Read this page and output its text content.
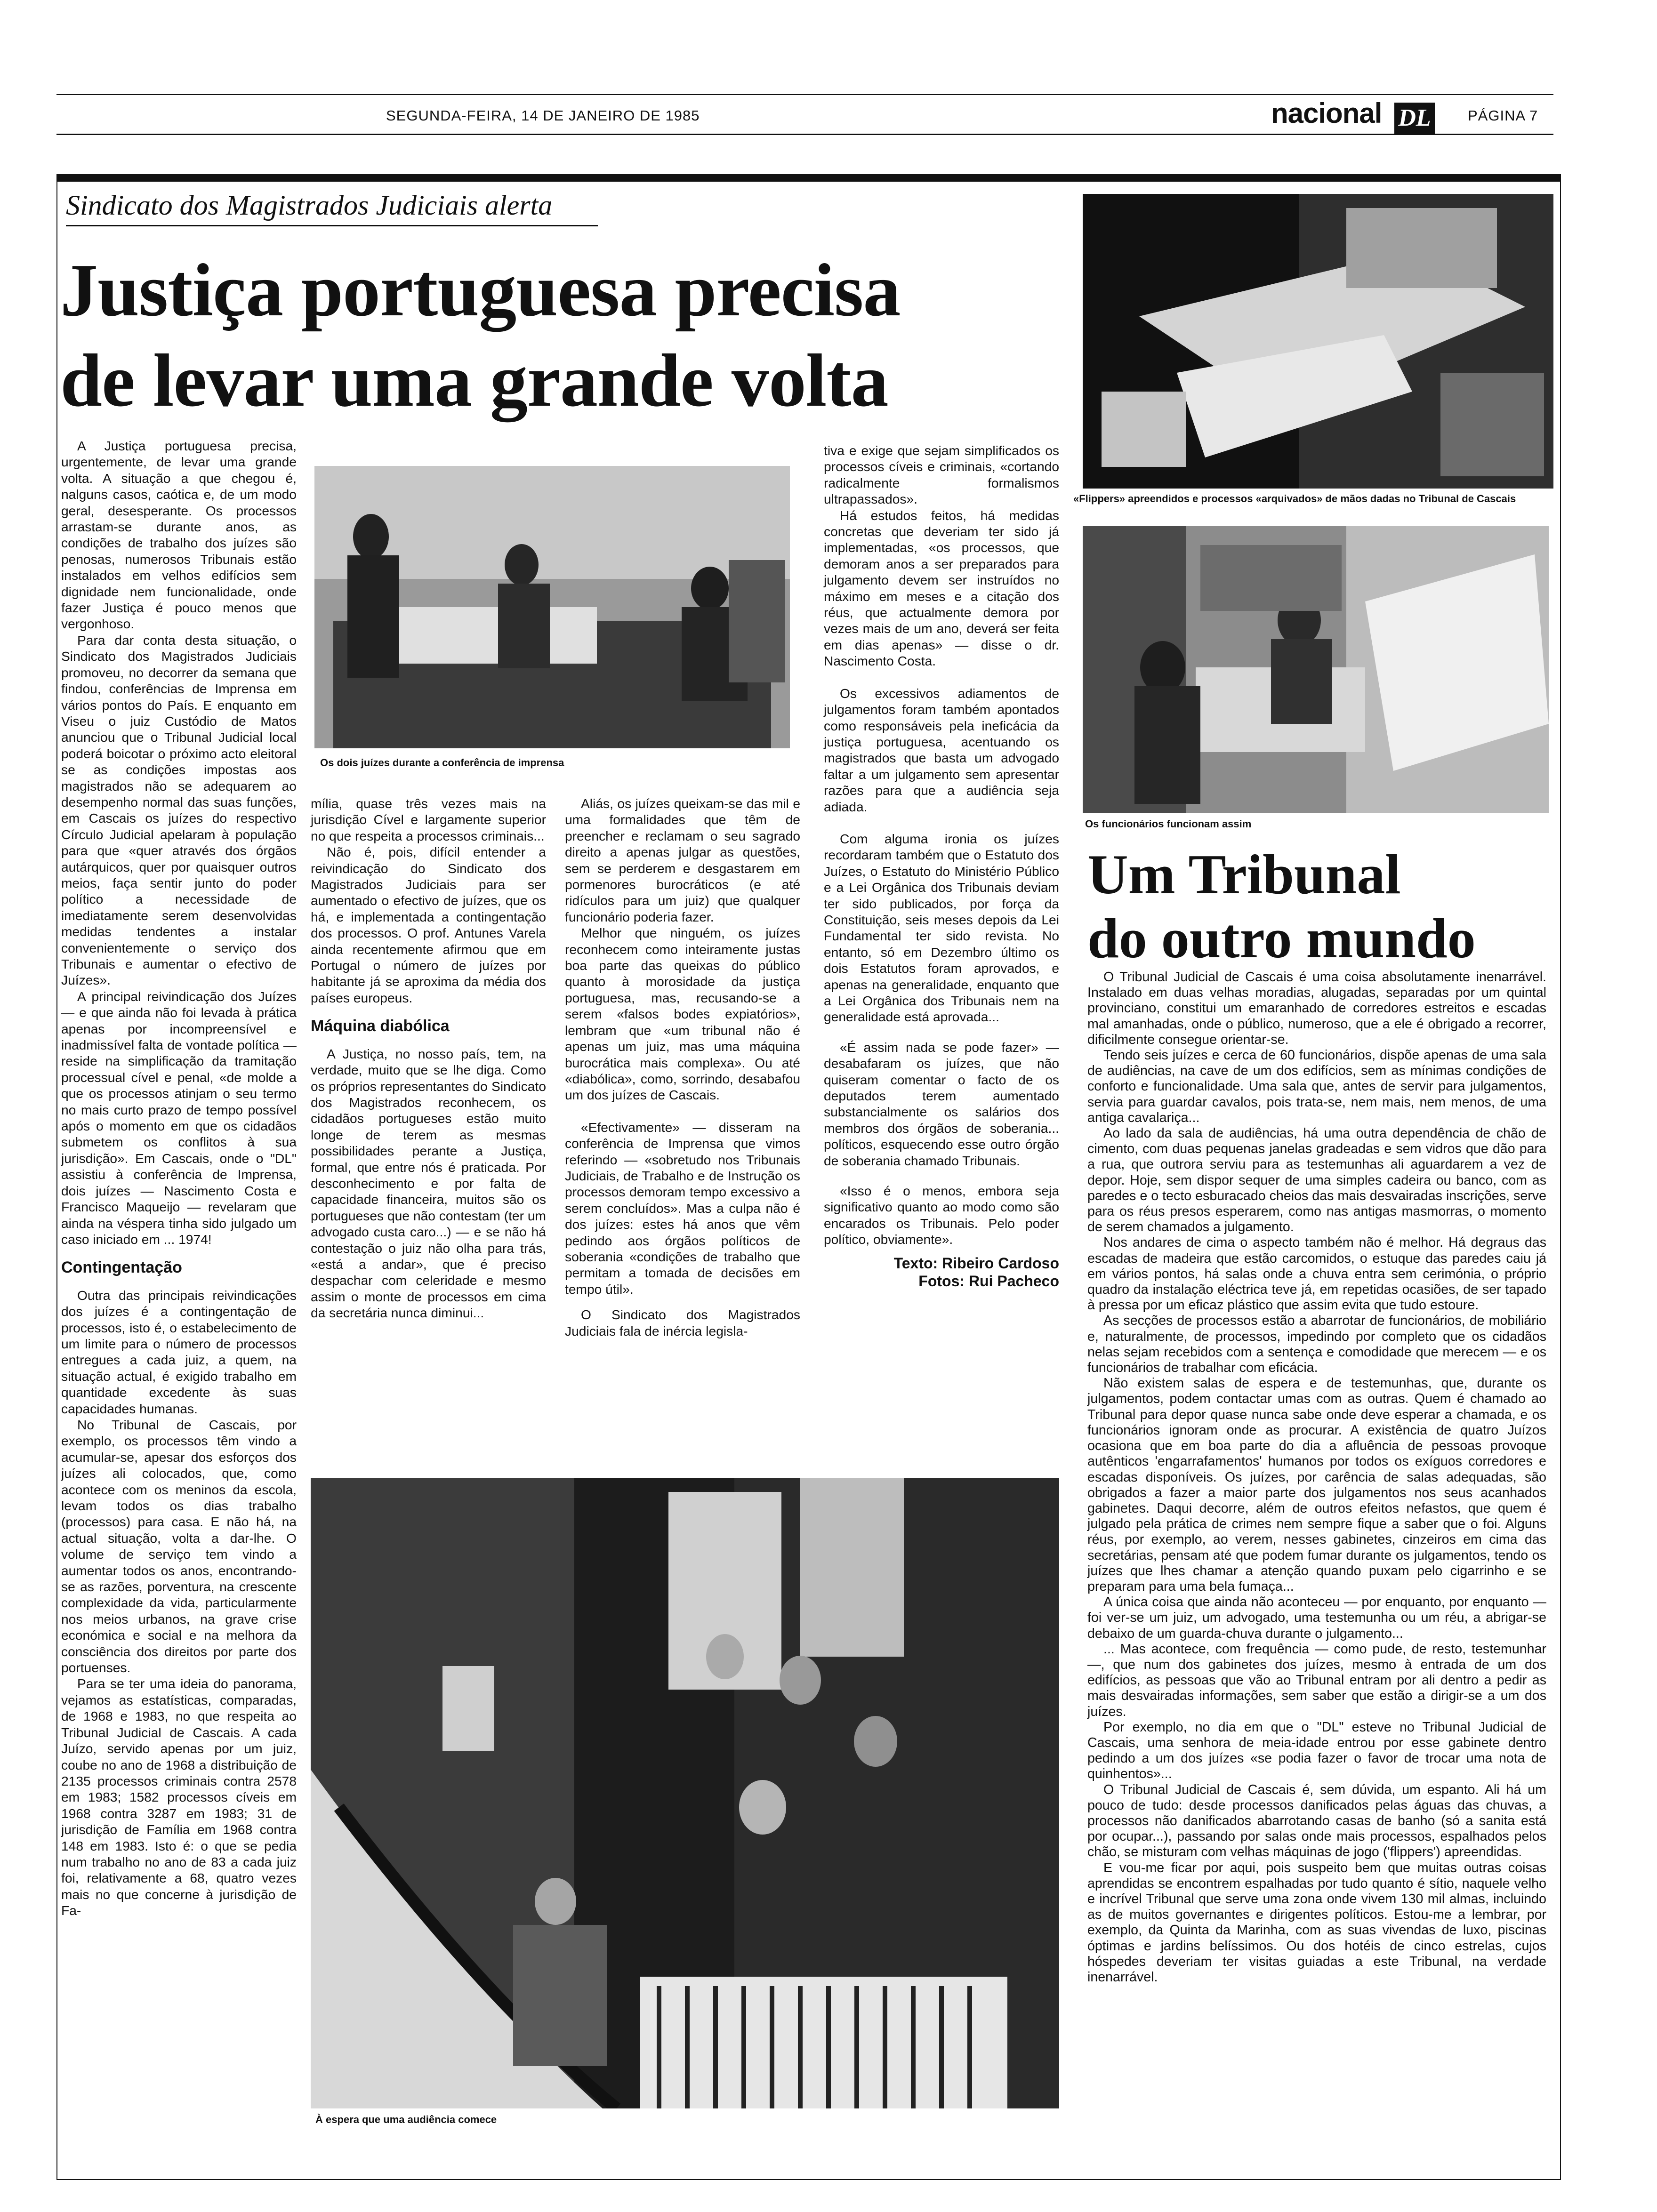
SEGUNDA-FEIRA, 14 DE JANEIRO DE 1985	nacional DL	PÁGINA 7
Sindicato dos Magistrados Judiciais alerta
Justiça portuguesa precisa
de levar uma grande volta

A Justiça portuguesa precisa, urgentemente, de levar uma grande volta. A situação a que chegou é, nalguns casos, caótica e, de um modo geral, desesperante. Os processos arrastam-se durante anos, as condições de trabalho dos juízes são penosas, numerosos Tribunais estão instalados em velhos edifícios sem dignidade nem funcionalidade, onde fazer Justiça é pouco menos que vergonhoso.

Para dar conta desta situação, o Sindicato dos Magistrados Judiciais promoveu, no decorrer da semana que findou, conferências de Imprensa em vários pontos do País. E enquanto em Viseu o juiz Custódio de Matos anunciou que o Tribunal Judicial local poderá boicotar o próximo acto eleitoral se as condições impostas aos magistrados não se adequarem ao desempenho normal das suas funções, em Cascais os juízes do respectivo Círculo Judicial apelaram à população para que «quer através dos órgãos autárquicos, quer por quaisquer outros meios, faça sentir junto do poder político a necessidade de imediatamente serem desenvolvidas medidas tendentes a instalar convenientemente o serviço dos Tribunais e aumentar o efectivo de Juízes».

A principal reivindicação dos Juízes — e que ainda não foi levada à prática apenas por incompreensível e inadmissível falta de vontade política — reside na simplificação da tramitação processual cível e penal, «de molde a que os processos atinjam o seu termo no mais curto prazo de tempo possível após o momento em que os cidadãos submetem os conflitos à sua jurisdição». Em Cascais, onde o "DL" assistiu à conferência de Imprensa, dois juízes — Nascimento Costa e Francisco Maqueijo — revelaram que ainda na véspera tinha sido julgado um caso iniciado em ... 1974!

Contingentação

Outra das principais reivindicações dos juízes é a contingentação de processos, isto é, o estabelecimento de um limite para o número de processos entregues a cada juiz, a quem, na situação actual, é exigido trabalho em quantidade excedente às suas capacidades humanas.

No Tribunal de Cascais, por exemplo, os processos têm vindo a acumular-se, apesar dos esforços dos juízes ali colocados, que, como acontece com os meninos da escola, levam todos os dias trabalho (processos) para casa. E não há, na actual situação, volta a dar-lhe. O volume de serviço tem vindo a aumentar todos os anos, encontrando-se as razões, porventura, na crescente complexidade da vida, particularmente nos meios urbanos, na grave crise económica e social e na melhora da consciência dos direitos por parte dos portuenses.

Para se ter uma ideia do panorama, vejamos as estatísticas, comparadas, de 1968 e 1983, no que respeita ao Tribunal Judicial de Cascais. A cada Juízo, servido apenas por um juiz, coube no ano de 1968 a distribuição de 2135 processos criminais contra 2578 em 1983; 1582 processos cíveis em 1968 contra 3287 em 1983; 31 de jurisdição de Família em 1968 contra 148 em 1983. Isto é: o que se pedia num trabalho no ano de 83 a cada juiz foi, relativamente a 68, quatro vezes mais no que concerne à jurisdição de Fa-

Os dois juízes durante a conferência de imprensa

mília, quase três vezes mais na jurisdição Cível e largamente superior no que respeita a processos criminais...

Não é, pois, difícil entender a reivindicação do Sindicato dos Magistrados Judiciais para ser aumentado o efectivo de juízes, que os há, e implementada a contingentação dos processos. O prof. Antunes Varela ainda recentemente afirmou que em Portugal o número de juízes por habitante já se aproxima da média dos países europeus.

Máquina diabólica

A Justiça, no nosso país, tem, na verdade, muito que se lhe diga. Como os próprios representantes do Sindicato dos Magistrados reconhecem, os cidadãos portugueses estão muito longe de terem as mesmas possibilidades perante a Justiça, formal, que entre nós é praticada. Por desconhecimento e por falta de capacidade financeira, muitos são os portugueses que não contestam (ter um advogado custa caro...) — e se não há contestação o juiz não olha para trás, «está a andar», que é preciso despachar com celeridade e mesmo assim o monte de processos em cima da secretária nunca diminui...

Aliás, os juízes queixam-se das mil e uma formalidades que têm de preencher e reclamam o seu sagrado direito a apenas julgar as questões, sem se perderem e desgastarem em pormenores burocráticos (e até ridículos para um juiz) que qualquer funcionário poderia fazer.

Melhor que ninguém, os juízes reconhecem como inteiramente justas boa parte das queixas do público quanto à morosidade da justiça portuguesa, mas, recusando-se a serem «falsos bodes expiatórios», lembram que «um tribunal não é apenas um juiz, mas uma máquina burocrática mais complexa». Ou até «diabólica», como, sorrindo, desabafou um dos juízes de Cascais.

«Efectivamente» — disseram na conferência de Imprensa que vimos referindo — «sobretudo nos Tribunais Judiciais, de Trabalho e de Instrução os processos demoram tempo excessivo a serem concluídos». Mas a culpa não é dos juízes: estes há anos que vêm pedindo aos órgãos políticos de soberania «condições de trabalho que permitam a tomada de decisões em tempo útil».

O Sindicato dos Magistrados Judiciais fala de inércia legisla-

tiva e exige que sejam simplificados os processos cíveis e criminais, «cortando radicalmente formalismos ultrapassados».

Há estudos feitos, há medidas concretas que deveriam ter sido já implementadas, «os processos, que demoram anos a ser preparados para julgamento devem ser instruídos no máximo em meses e a citação dos réus, que actualmente demora por vezes mais de um ano, deverá ser feita em dias apenas» — disse o dr. Nascimento Costa.

Os excessivos adiamentos de julgamentos foram também apontados como responsáveis pela ineficácia da justiça portuguesa, acentuando os magistrados que basta um advogado faltar a um julgamento sem apresentar razões para que a audiência seja adiada.

Com alguma ironia os juízes recordaram também que o Estatuto dos Juízes, o Estatuto do Ministério Público e a Lei Orgânica dos Tribunais deviam ter sido publicados, por força da Constituição, seis meses depois da Lei Fundamental ter sido revista. No entanto, só em Dezembro último os dois Estatutos foram aprovados, e apenas na generalidade, enquanto que a Lei Orgânica dos Tribunais nem na generalidade está aprovada...

«É assim nada se pode fazer» — desabafaram os juízes, que não quiseram comentar o facto de os deputados terem aumentado substancialmente os salários dos membros dos órgãos de soberania... políticos, esquecendo esse outro órgão de soberania chamado Tribunais.

«Isso é o menos, embora seja significativo quanto ao modo como são encarados os Tribunais. Pelo poder político, obviamente».

Texto: Ribeiro Cardoso
Fotos: Rui Pacheco
À espera que uma audiência comece
«Flippers» apreendidos e processos «arquivados» de mãos dadas no Tribunal de Cascais
Os funcionários funcionam assim
Um Tribunal
do outro mundo

O Tribunal Judicial de Cascais é uma coisa absolutamente inenarrável. Instalado em duas velhas moradias, alugadas, separadas por um quintal provinciano, constitui um emaranhado de corredores estreitos e escadas mal amanhadas, onde o público, numeroso, que a ele é obrigado a recorrer, dificilmente consegue orientar-se.

Tendo seis juízes e cerca de 60 funcionários, dispõe apenas de uma sala de audiências, na cave de um dos edifícios, sem as mínimas condições de conforto e funcionalidade. Uma sala que, antes de servir para julgamentos, servia para guardar cavalos, pois trata-se, nem mais, nem menos, de uma antiga cavalariça...

Ao lado da sala de audiências, há uma outra dependência de chão de cimento, com duas pequenas janelas gradeadas e sem vidros que dão para a rua, que outrora serviu para as testemunhas ali aguardarem a vez de depor. Hoje, sem dispor sequer de uma simples cadeira ou banco, com as paredes e o tecto esburacado cheios das mais desvairadas inscrições, serve para os réus presos esperarem, como nas antigas masmorras, o momento de serem chamados a julgamento.

Nos andares de cima o aspecto também não é melhor. Há degraus das escadas de madeira que estão carcomidos, o estuque das paredes caiu já em vários pontos, há salas onde a chuva entra sem cerimónia, o próprio quadro da instalação eléctrica teve já, em repetidas ocasiões, de ser tapado à pressa por um eficaz plástico que assim evita que tudo estoure.

As secções de processos estão a abarrotar de funcionários, de mobiliário e, naturalmente, de processos, impedindo por completo que os cidadãos nelas sejam recebidos com a sentença e comodidade que merecem — e os funcionários de trabalhar com eficácia.

Não existem salas de espera e de testemunhas, que, durante os julgamentos, podem contactar umas com as outras. Quem é chamado ao Tribunal para depor quase nunca sabe onde deve esperar a chamada, e os funcionários ignoram onde as procurar. A existência de quatro Juízos ocasiona que em boa parte do dia a afluência de pessoas provoque autênticos 'engarrafamentos' humanos por todos os exíguos corredores e escadas disponíveis. Os juízes, por carência de salas adequadas, são obrigados a fazer a maior parte dos julgamentos nos seus acanhados gabinetes. Daqui decorre, além de outros efeitos nefastos, que quem é julgado pela prática de crimes nem sempre fique a saber que o foi. Alguns réus, por exemplo, ao verem, nesses gabinetes, cinzeiros em cima das secretárias, pensam até que podem fumar durante os julgamentos, tendo os juízes que lhes chamar a atenção quando puxam pelo cigarrinho e se preparam para uma bela fumaça...

A única coisa que ainda não aconteceu — por enquanto, por enquanto — foi ver-se um juiz, um advogado, uma testemunha ou um réu, a abrigar-se debaixo de um guarda-chuva durante o julgamento...

... Mas acontece, com frequência — como pude, de resto, testemunhar —, que num dos gabinetes dos juízes, mesmo à entrada de um dos edifícios, as pessoas que vão ao Tribunal entram por ali dentro a pedir as mais desvairadas informações, sem saber que estão a dirigir-se a um dos juízes.

Por exemplo, no dia em que o "DL" esteve no Tribunal Judicial de Cascais, uma senhora de meia-idade entrou por esse gabinete dentro pedindo a um dos juízes «se podia fazer o favor de trocar uma nota de quinhentos»...

O Tribunal Judicial de Cascais é, sem dúvida, um espanto. Ali há um pouco de tudo: desde processos danificados pelas águas das chuvas, a processos não danificados abarrotando casas de banho (só a sanita está por ocupar...), passando por salas onde mais processos, espalhados pelos chão, se misturam com velhas máquinas de jogo ('flippers') apreendidas.

E vou-me ficar por aqui, pois suspeito bem que muitas outras coisas aprendidas se encontrem espalhadas por tudo quanto é sítio, naquele velho e incrível Tribunal que serve uma zona onde vivem 130 mil almas, incluindo as de muitos governantes e dirigentes políticos. Estou-me a lembrar, por exemplo, da Quinta da Marinha, com as suas vivendas de luxo, piscinas óptimas e jardins belíssimos. Ou dos hotéis de cinco estrelas, cujos hóspedes deveriam ter visitas guiadas a este Tribunal, na verdade inenarrável.
